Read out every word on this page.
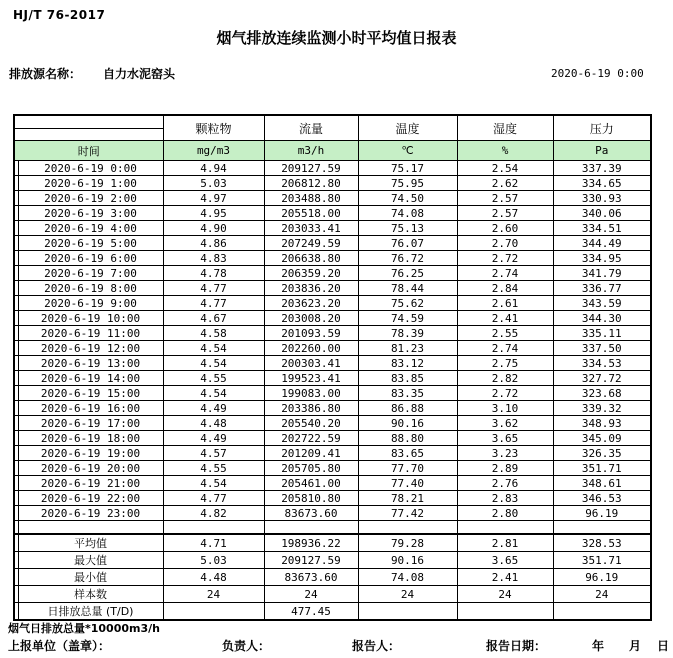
HJ/T 76-2017
烟气排放连续监测小时平均值日报表
排放源名称： 自力水泥窑头	2020-6-19 0:00
		颗粒物	流量	温度	湿度	压力
时间		mg/m3	m3/h	℃	%	Pa
	2020-6-19 0:00	4.94	209127.59	75.17	2.54	337.39
	2020-6-19 1:00	5.03	206812.80	75.95	2.62	334.65
	2020-6-19 2:00	4.97	203488.80	74.50	2.57	330.93
	2020-6-19 3:00	4.95	205518.00	74.08	2.57	340.06
	2020-6-19 4:00	4.90	203033.41	75.13	2.60	334.51
	2020-6-19 5:00	4.86	207249.59	76.07	2.70	344.49
	2020-6-19 6:00	4.83	206638.80	76.72	2.72	334.95
	2020-6-19 7:00	4.78	206359.20	76.25	2.74	341.79
	2020-6-19 8:00	4.77	203836.20	78.44	2.84	336.77
	2020-6-19 9:00	4.77	203623.20	75.62	2.61	343.59
	2020-6-19 10:00	4.67	203008.20	74.59	2.41	344.30
	2020-6-19 11:00	4.58	201093.59	78.39	2.55	335.11
	2020-6-19 12:00	4.54	202260.00	81.23	2.74	337.50
	2020-6-19 13:00	4.54	200303.41	83.12	2.75	334.53
	2020-6-19 14:00	4.55	199523.41	83.85	2.82	327.72
	2020-6-19 15:00	4.54	199083.00	83.35	2.72	323.68
	2020-6-19 16:00	4.49	203386.80	86.88	3.10	339.32
	2020-6-19 17:00	4.48	205540.20	90.16	3.62	348.93
	2020-6-19 18:00	4.49	202722.59	88.80	3.65	345.09
	2020-6-19 19:00	4.57	201209.41	83.65	3.23	326.35
	2020-6-19 20:00	4.55	205705.80	77.70	2.89	351.71
	2020-6-19 21:00	4.54	205461.00	77.40	2.76	348.61
	2020-6-19 22:00	4.77	205810.80	78.21	2.83	346.53
	2020-6-19 23:00	4.82	83673.60	77.42	2.80	96.19

	平均值	4.71	198936.22	79.28	2.81	328.53
	最大值	5.03	209127.59	90.16	3.65	351.71
	最小值	4.48	83673.60	74.08	2.41	96.19
	样本数	24	24	24	24	24
	日排放总量 (T/D)		477.45			
烟气日排放总量*10000m3/h
上报单位（盖章）：	负责人：	报告人：	报告日期：	年 月 日
